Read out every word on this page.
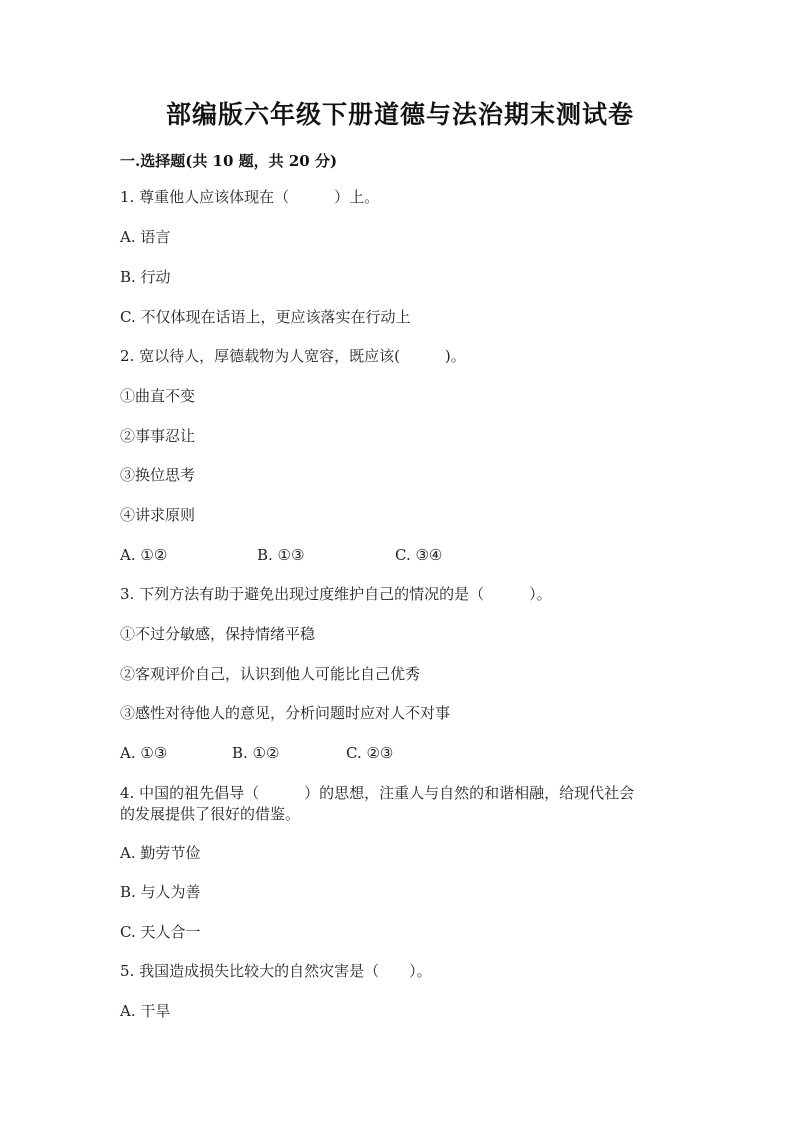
部编版六年级下册道德与法治期末测试卷
一.选择题(共 10 题，共 20 分)
1. 尊重他人应该体现在（　　　）上。
A. 语言
B. 行动
C. 不仅体现在话语上，更应该落实在行动上
2. 宽以待人，厚德载物为人宽容，既应该(　　　)。
①曲直不变
②事事忍让
③换位思考
④讲求原则
A. ①②	B. ①③	C. ③④
3. 下列方法有助于避免出现过度维护自己的情况的是（　　　）。
①不过分敏感，保持情绪平稳
②客观评价自己，认识到他人可能比自己优秀
③感性对待他人的意见，分析问题时应对人不对事
A. ①③	B. ①②	C. ②③
4. 中国的祖先倡导（　　　）的思想，注重人与自然的和谐相融，给现代社会
的发展提供了很好的借鉴。
A. 勤劳节俭
B. 与人为善
C. 天人合一
5. 我国造成损失比较大的自然灾害是（　　）。
A. 干旱
